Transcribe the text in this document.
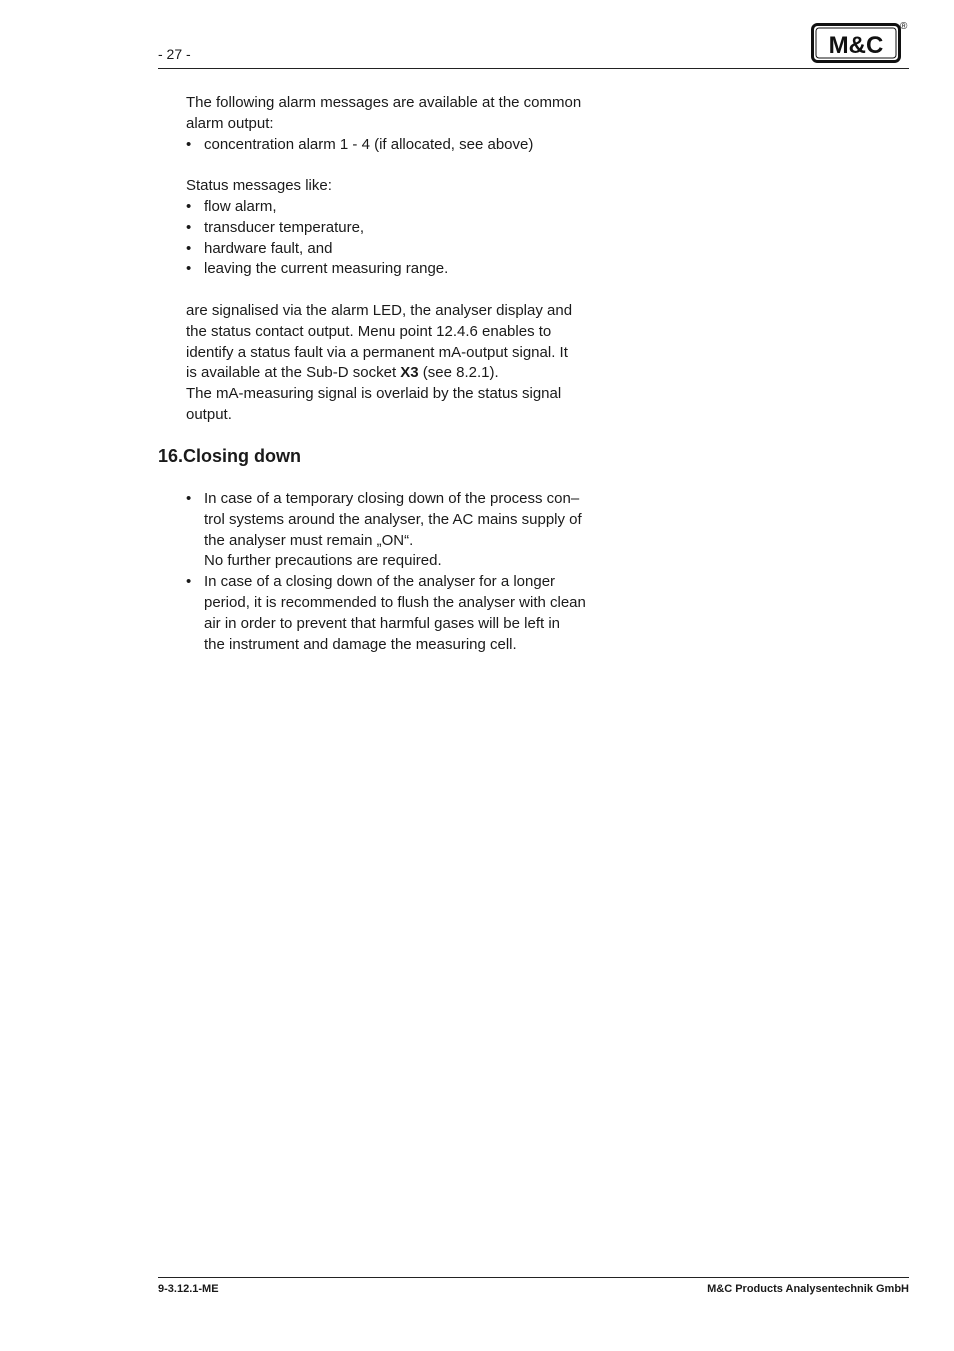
- 27 -	M&C
®

The following alarm messages are available at the common

alarm output:

• concentration alarm 1 - 4 (if allocated, see above)

Status messages like:

• flow alarm,
• transducer temperature,
• hardware fault, and
• leaving the current measuring range.

are signalised via the alarm LED, the analyser display and

the status contact output. Menu point 12.4.6 enables to

identify a status fault via a permanent mA-output signal. It

is available at the Sub-D socket X3 (see 8.2.1).

The mA-measuring signal is overlaid by the status signal

output.

16.Closing down
• In case of a temporary closing down of the process con–
trol systems around the analyser, the AC mains supply of
the analyser must remain „ON“.
No further precautions are required.
• In case of a closing down of the analyser for a longer
period, it is recommended to flush the analyser with clean
air in order to prevent that harmful gases will be left in
the instrument and damage the measuring cell.
9-3.12.1-ME	M&C Products Analysentechnik GmbH
